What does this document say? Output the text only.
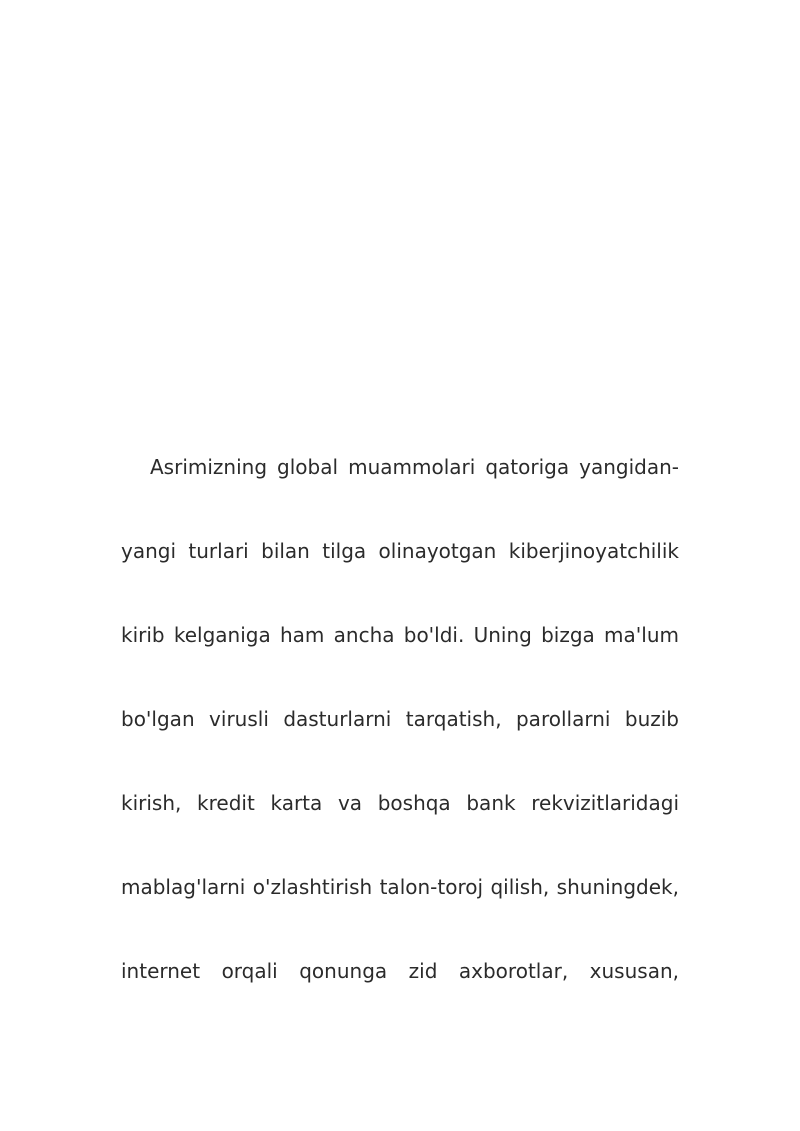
Asrimizning global muammolari qatoriga yangidan-
yangi turlari bilan tilga olinayotgan kiberjinoyatchilik
kirib kelganiga ham ancha bo'ldi. Uning bizga ma'lum
bo'lgan virusli dasturlarni tarqatish, parollarni buzib
kirish, kredit karta va boshqa bank rekvizitlaridagi
mablag'larni o'zlashtirish talon-toroj qilish, shuningdek,
internet orqali qonunga zid axborotlar, xususan,
